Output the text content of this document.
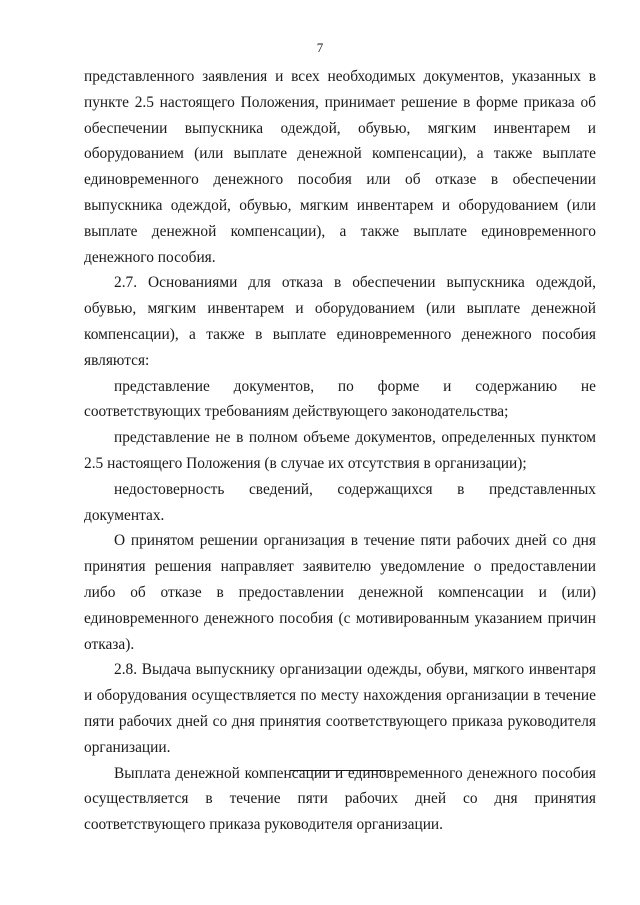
7

представленного заявления и всех необходимых документов, указанных в пункте 2.5 настоящего Положения, принимает решение в форме приказа об обеспечении выпускника одеждой, обувью, мягким инвентарем и оборудованием (или выплате денежной компенсации), а также выплате единовременного денежного пособия или об отказе в обеспечении выпускника одеждой, обувью, мягким инвентарем и оборудованием (или выплате денежной компенсации), а также выплате единовременного денежного пособия.

2.7. Основаниями для отказа в обеспечении выпускника одеждой, обувью, мягким инвентарем и оборудованием (или выплате денежной компенсации), а также в выплате единовременного денежного пособия являются:

представление документов, по форме и содержанию не соответствующих требованиям действующего законодательства;

представление не в полном объеме документов, определенных пунктом 2.5 настоящего Положения (в случае их отсутствия в организации);

недостоверность сведений, содержащихся в представленных документах.

О принятом решении организация в течение пяти рабочих дней со дня принятия решения направляет заявителю уведомление о предоставлении либо об отказе в предоставлении денежной компенсации и (или) единовременного денежного пособия (с мотивированным указанием причин отказа).

2.8. Выдача выпускнику организации одежды, обуви, мягкого инвентаря и оборудования осуществляется по месту нахождения организации в течение пяти рабочих дней со дня принятия соответствующего приказа руководителя организации.

Выплата денежной компенсации и единовременного денежного пособия осуществляется в течение пяти рабочих дней со дня принятия соответствующего приказа руководителя организации.
